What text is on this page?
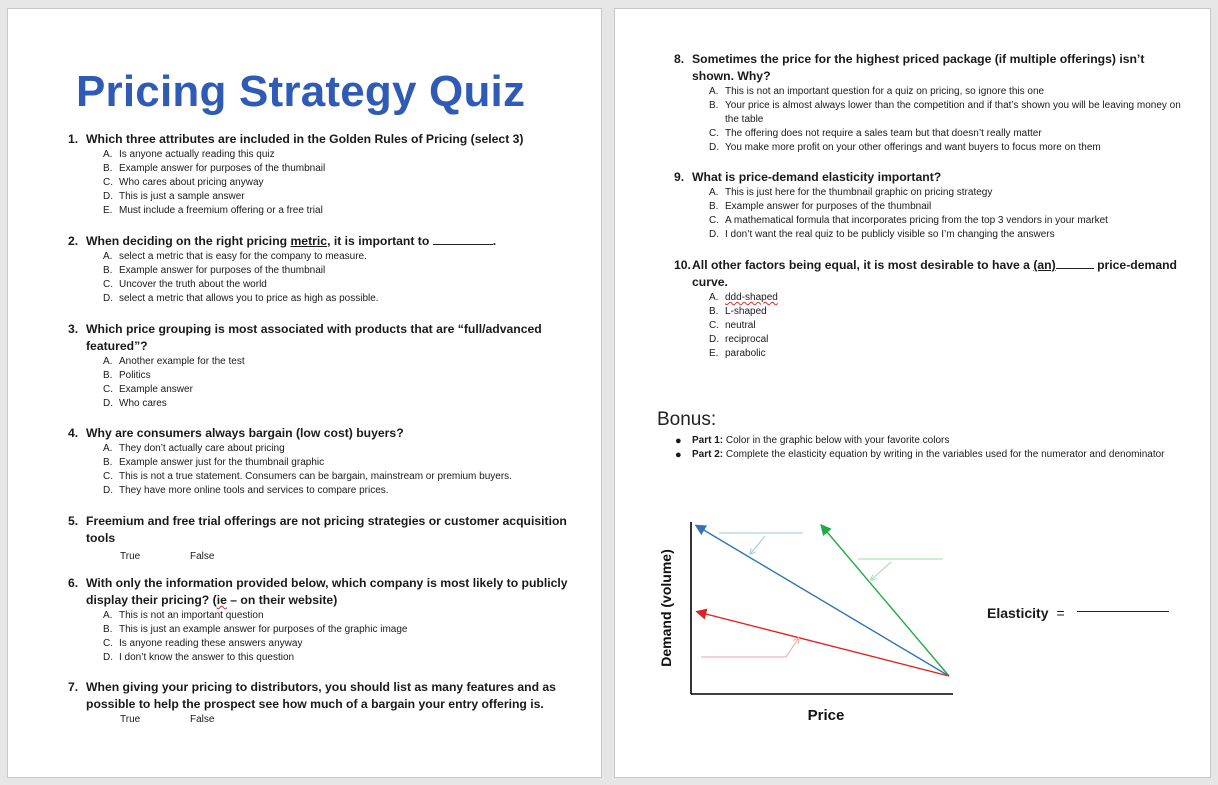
Pricing Strategy Quiz
1. Which three attributes are included in the Golden Rules of Pricing (select 3)
A. Is anyone actually reading this quiz
B. Example answer for purposes of the thumbnail
C. Who cares about pricing anyway
D. This is just a sample answer
E. Must include a freemium offering or a free trial
2. When deciding on the right pricing metric, it is important to	.
A. select a metric that is easy for the company to measure.
B. Example answer for purposes of the thumbnail
C. Uncover the truth about the world
D. select a metric that allows you to price as high as possible.
3. Which price grouping is most associated with products that are “full/advanced
featured”?
A. Another example for the test
B. Politics
C. Example answer
D. Who cares
4. Why are consumers always bargain (low cost) buyers?
A. They don’t actually care about pricing
B. Example answer just for the thumbnail graphic
C. This is not a true statement. Consumers can be bargain, mainstream or premium buyers.
D. They have more online tools and services to compare prices.
5. Freemium and free trial offerings are not pricing strategies or customer acquisition
tools
True	False
6. With only the information provided below, which company is most likely to publicly
display their pricing? (ie – on their website)
A. This is not an important question
B. This is just an example answer for purposes of the graphic image
C. Is anyone reading these answers anyway
D. I don’t know the answer to this question
7. When giving your pricing to distributors, you should list as many features and as
possible to help the prospect see how much of a bargain your entry offering is.
True	False
8. Sometimes the price for the highest priced package (if multiple offerings) isn’t
shown. Why?
A. This is not an important question for a quiz on pricing, so ignore this one
B. Your price is almost always lower than the competition and if that’s shown you will be leaving money on the table
C. The offering does not require a sales team but that doesn’t really matter
D. You make more profit on your other offerings and want buyers to focus more on them
9. What is price-demand elasticity important?
A. This is just here for the thumbnail graphic on pricing strategy
B. Example answer for purposes of the thumbnail
C. A mathematical formula that incorporates pricing from the top 3 vendors in your market
D. I don’t want the real quiz to be publicly visible so I’m changing the answers
10. All other factors being equal, it is most desirable to have a (an)	price-demand
curve.
A. ddd-shaped
B. L-shaped
C. neutral
D. reciprocal
E. parabolic
Bonus:
●	Part 1: Color in the graphic below with your favorite colors
●	Part 2: Complete the elasticity equation by writing in the variables used for the numerator and denominator
Demand (volume)
Price
Elasticity =
